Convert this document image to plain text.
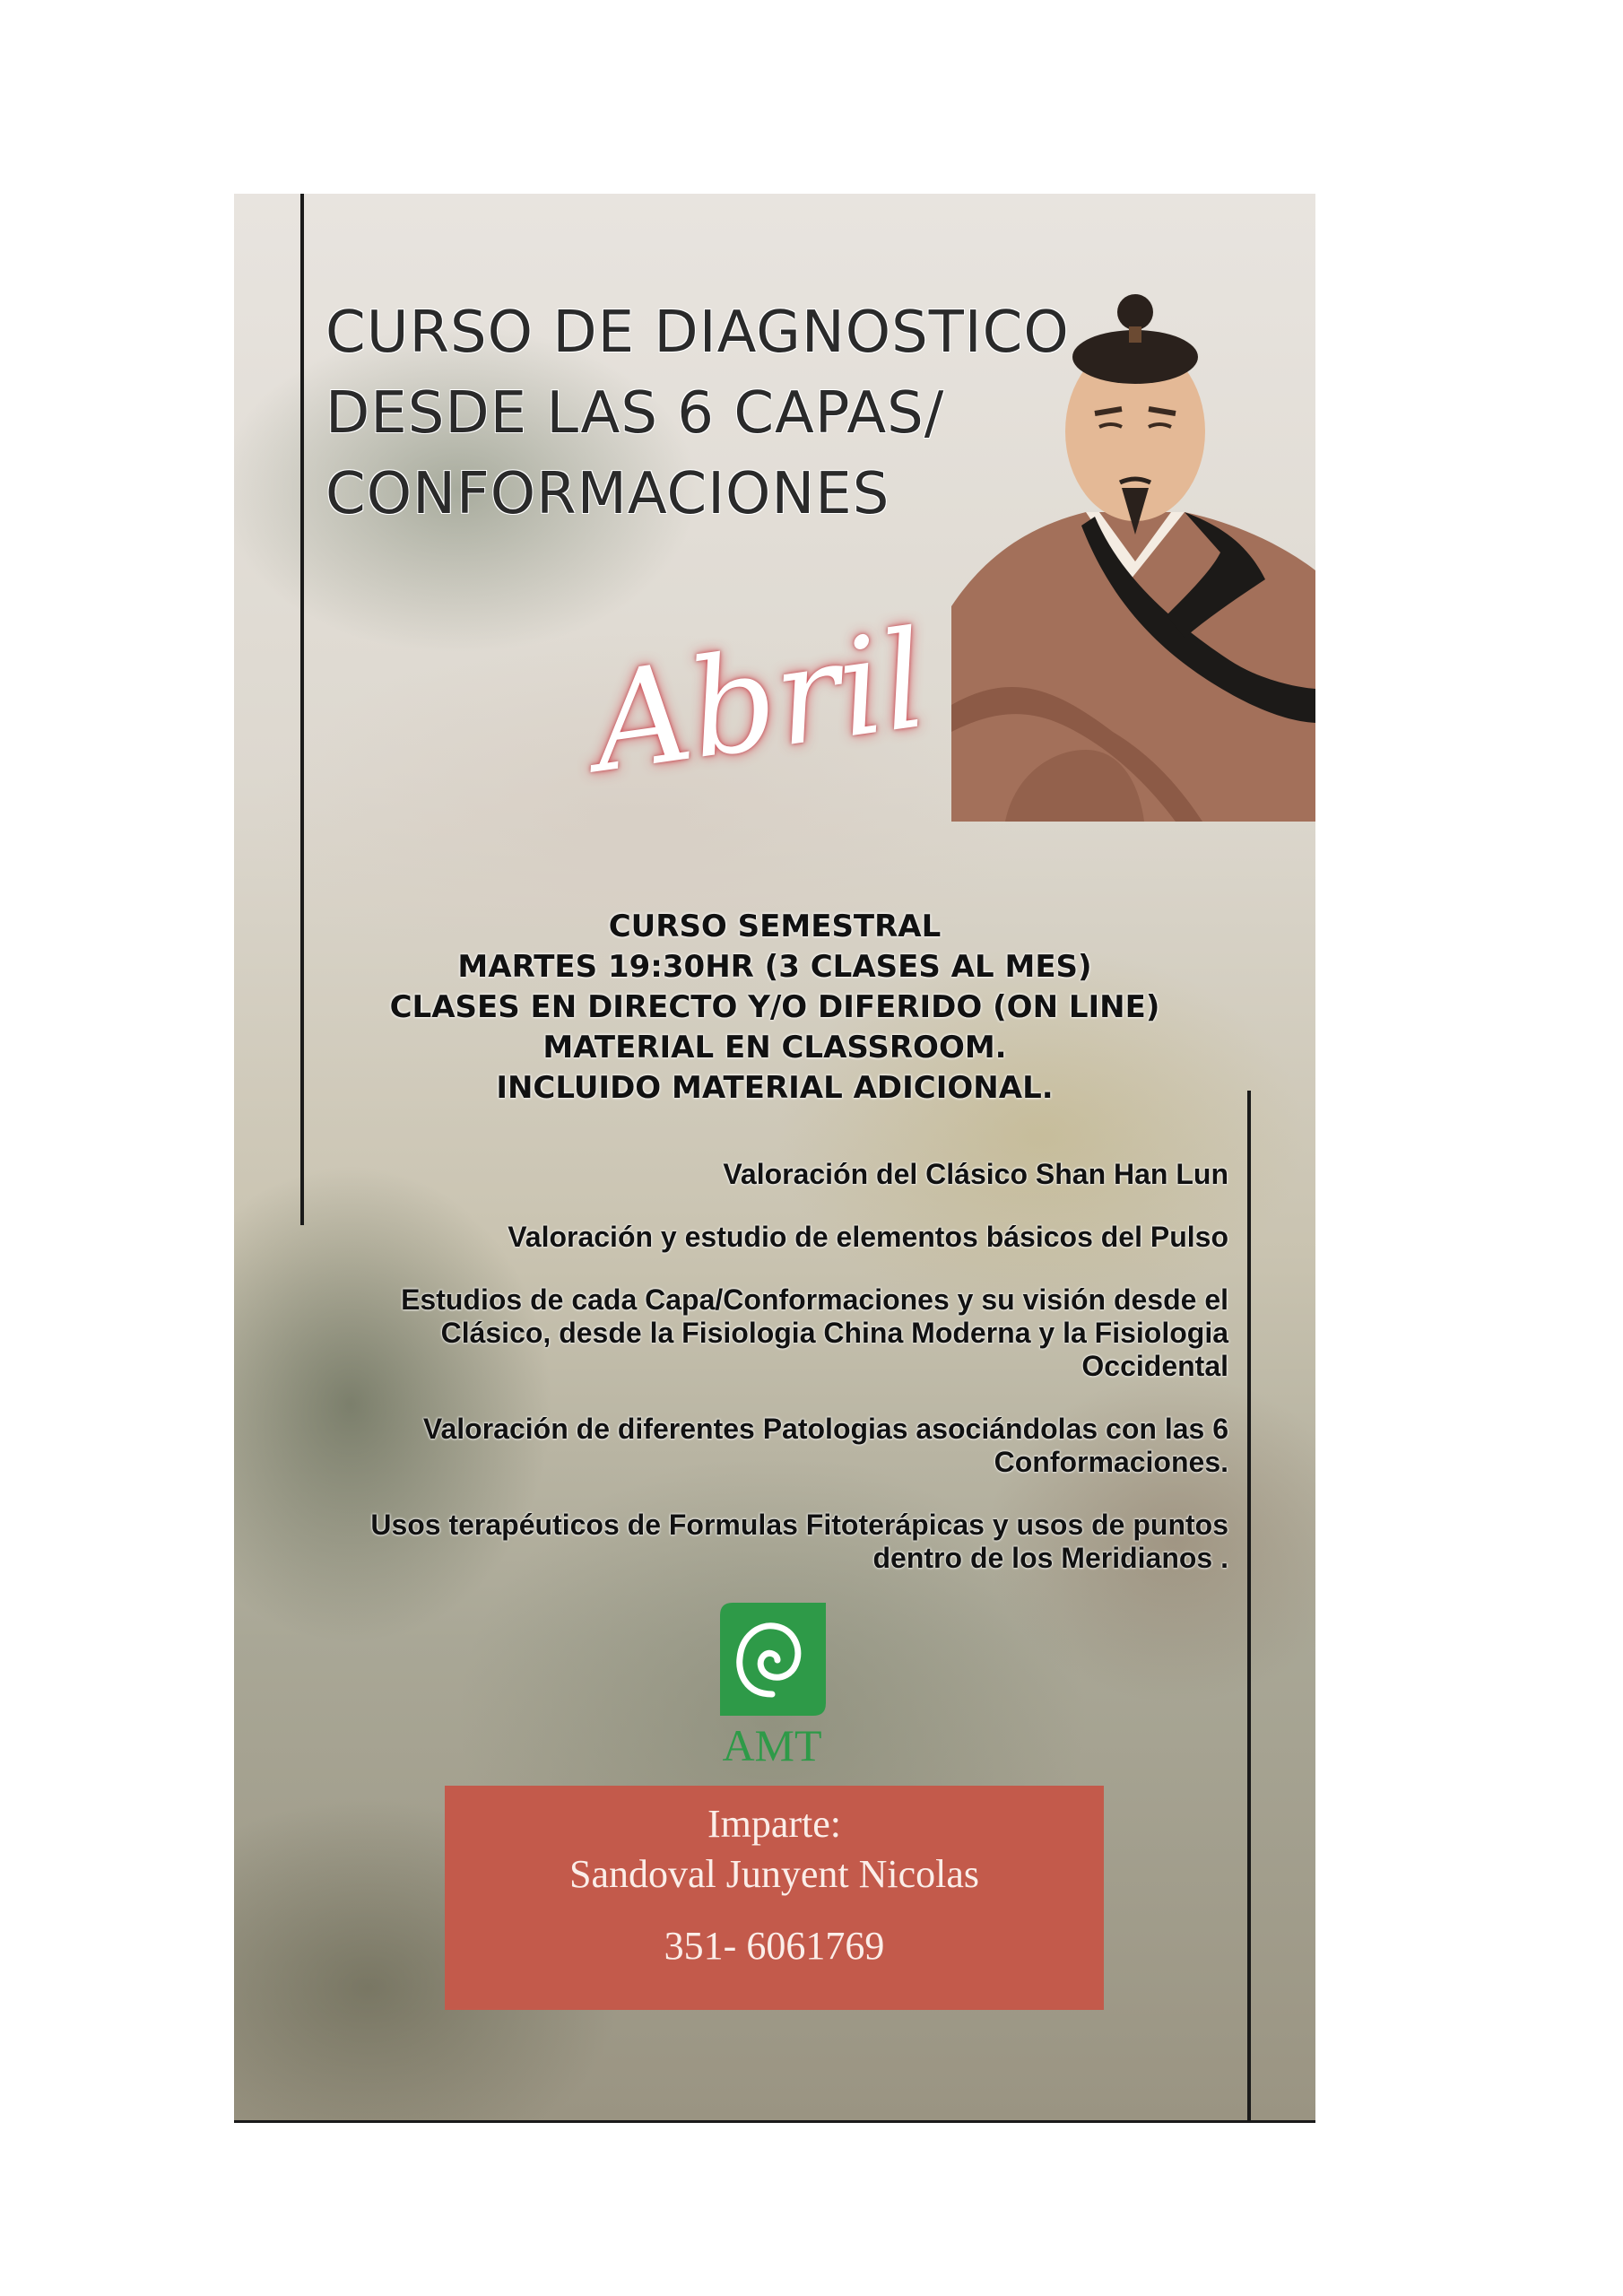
CURSO DE DIAGNOSTICO
DESDE LAS 6 CAPAS/
CONFORMACIONES
Abril
CURSO SEMESTRAL
MARTES 19:30HR (3 CLASES AL MES)
CLASES EN DIRECTO Y/O DIFERIDO (ON LINE)
MATERIAL EN CLASSROOM.
INCLUIDO MATERIAL ADICIONAL.

Valoración del Clásico Shan Han Lun

Valoración y estudio de elementos básicos del Pulso

Estudios de cada Capa/Conformaciones y su visión desde el Clásico, desde la Fisiologia China Moderna y la Fisiologia Occidental

Valoración de diferentes Patologias asociándolas con las 6 Conformaciones.

Usos terapéuticos de Formulas Fitoterápicas y usos de puntos dentro de los Meridianos .

AMT
Imparte:
Sandoval Junyent Nicolas
351- 6061769
